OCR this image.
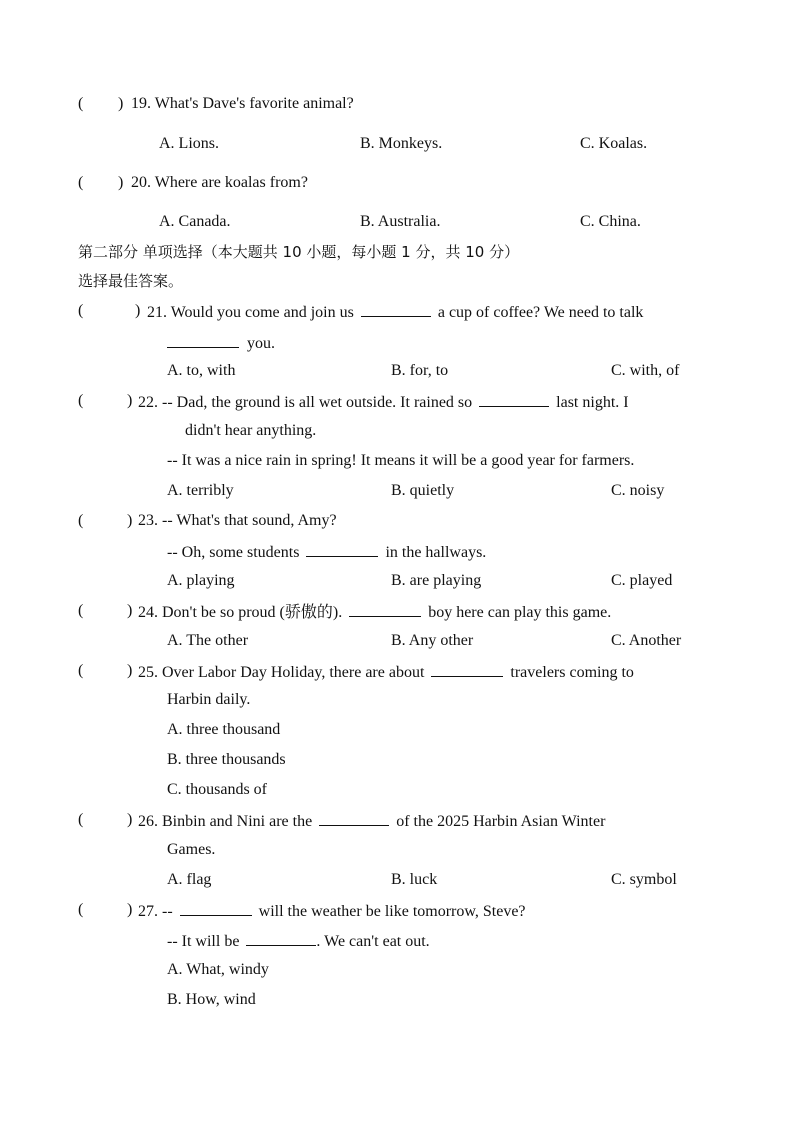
( ) 19. What's Dave's favorite animal?
A. Lions.	B. Monkeys.	C. Koalas.
( ) 20. Where are koalas from?
A. Canada.	B. Australia.	C. China.
第二部分 单项选择（本大题共 10 小题，每小题 1 分，共 10 分）
选择最佳答案。
(	) 21. Would you come and join us	a cup of coffee? We need to talk
you.
A. to, with	B. for, to	C. with, of
(	) 22. -- Dad, the ground is all wet outside. It rained so	last night. I
didn't hear anything.
-- It was a nice rain in spring! It means it will be a good year for farmers.
A. terribly	B. quietly	C. noisy
(	) 23. -- What's that sound, Amy?
-- Oh, some students	in the hallways.
A. playing	B. are playing	C. played
(	) 24. Don't be so proud (骄傲的).	boy here can play this game.
A. The other	B. Any other	C. Another
(	) 25. Over Labor Day Holiday, there are about	travelers coming to
Harbin daily.
A. three thousand
B. three thousands
C. thousands of
(	) 26. Binbin and Nini are the	of the 2025 Harbin Asian Winter
Games.
A. flag	B. luck	C. symbol
(	) 27. --	will the weather be like tomorrow, Steve?
-- It will be	. We can't eat out.
A. What, windy
B. How, wind
